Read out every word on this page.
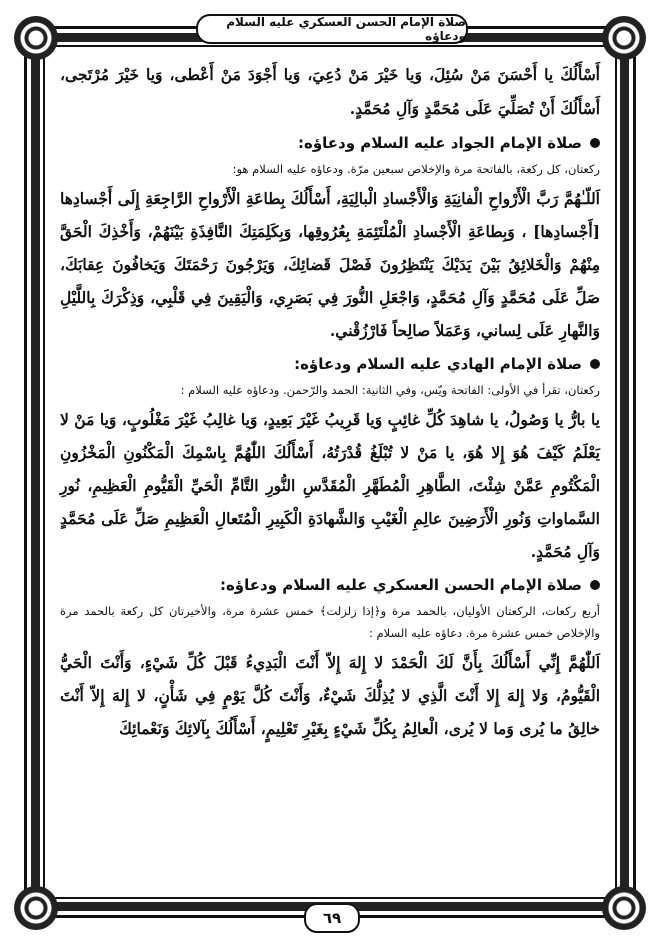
صلاة الإمام الحسن العسكري عليه السلام ودعاؤه

أَسْأَلُكَ يا أَحْسَنَ مَنْ سُئِلَ، وَيا خَيْرَ مَنْ دُعِيَ، وَيا أَجْوَدَ مَنْ أَعْطى، وَيا خَيْرَ مُرْتَجى، أَسْأَلُكَ أَنْ تُصَلِّيَ عَلَى مُحَمَّدٍ وَآلِ مُحَمَّدٍ.

صلاة الإمام الجواد عليه السلام ودعاؤه:

ركعتان، كل ركعة، بالفاتحة مرة والإخلاص سبعين مرّة. ودعاؤه عليه السلام هو:

اَللّـٰهُمَّ رَبَّ الْأَرْواحِ الْفانِيَةِ وَالْأَجْسادِ الْبالِيَةِ، أَسْأَلُكَ بِطاعَةِ الْأَرْواحِ الرَّاجِعَةِ إِلَى أَجْسادِها [أَجْسادِها] ، وَبِطاعَةِ الْأَجْسادِ الْمُلْتَئِمَةِ بِعُرُوقِها، وَبِكَلِمَتِكَ النَّافِذَةِ بَيْنَهُمْ، وَأَخْذِكَ الْحَقَّ مِنْهُمْ وَالْخَلائِقُ بَيْنَ يَدَيْكَ يَنْتَظِرُونَ فَصْلَ قَضائِكَ، وَيَرْجُونَ رَحْمَتَكَ وَيَخافُونَ عِقابَكَ، صَلِّ عَلَى مُحَمَّدٍ وَآلِ مُحَمَّدٍ، وَاجْعَلِ النُّورَ فِي بَصَرِي، وَالْيَقِينَ فِي قَلْبِي، وَذِكْرَكَ بِاللَّيْلِ وَالنَّهارِ عَلَى لِساني، وَعَمَلاً صالِحاً فَارْزُقْني.

صلاة الإمام الهادي عليه السلام ودعاؤه:

ركعتان، تقرأ في الأولى: الفاتحة ويّس، وفي الثانية: الحمد والرّحمن. ودعاؤه عليه السلام :

يا بارُّ يا وَصُولُ، يا شاهِدَ كُلِّ غائِبٍ وَيا قَرِيبُ غَيْرَ بَعِيدٍ، وَيا غالِبُ غَيْرَ مَغْلُوبٍ، وَيا مَنْ لا يَعْلَمُ كَيْفَ هُوَ إِلا هُوَ، يا مَنْ لا تُبْلَغُ قُدْرَتُهُ، أَسْأَلُكَ اللّٰهُمَّ بِاسْمِكَ الْمَكْنُونِ الْمَخْزُونِ الْمَكْتُومِ عَمَّنْ شِئْتَ، الطَّاهِرِ الْمُطَهَّرِ الْمُقَدَّسِ النُّورِ التَّامِّ الْحَيِّ الْقَيُّومِ الْعَظِيمِ، نُورِ السَّماواتِ وَنُورِ الْأَرَضِينَ عالِمِ الْغَيْبِ وَالشَّهادَةِ الْكَبِيرِ الْمُتَعالِ الْعَظِيمِ صَلِّ عَلَى مُحَمَّدٍ وَآلِ مُحَمَّدٍ.

صلاة الإمام الحسن العسكري عليه السلام ودعاؤه:

أربع ركعات، الركعتان الأوليان، بالحمد مرة و﴿إذا زلزلت﴾ خمس عشرة مرة، والأخيرتان كل ركعة بالحمد مرة والإخلاص خمس عشرة مرة. دعاؤه عليه السلام :

اَللّٰهُمَّ إِنِّي أَسْأَلُكَ بِأَنَّ لَكَ الْحَمْدَ لا إِلهَ إِلاّ أَنْتَ الْبَدِيءُ قَبْلَ كُلِّ شَيْءٍ، وَأَنْتَ الْحَيُّ الْقَيُّومُ، وَلا إِلهَ إِلا أَنْتَ الَّذِي لا يُذِلُّكَ شَيْءٌ، وَأَنْتَ كُلَّ يَوْمٍ فِي شَأْنٍ، لا إِلهَ إِلاّ أَنْتَ خالِقُ ما يُرى وَما لا يُرى، الْعالِمُ بِكُلِّ شَيْءٍ بِغَيْرِ تَعْلِيمٍ، أَسْأَلُكَ بِآلائِكَ وَنَعْمائِكَ

٦٩
